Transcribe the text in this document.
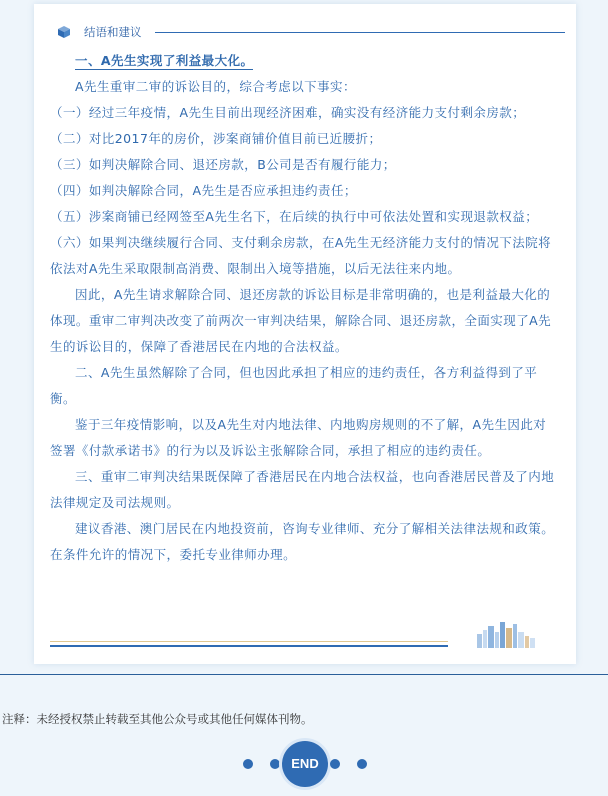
结语和建议

一、A先生实现了利益最大化。

A先生重审二审的诉讼目的，综合考虑以下事实：

（一）经过三年疫情，A先生目前出现经济困难，确实没有经济能力支付剩余房款；

（二）对比2017年的房价，涉案商铺价值目前已近腰折；

（三）如判决解除合同、退还房款，B公司是否有履行能力；

（四）如判决解除合同，A先生是否应承担违约责任；

（五）涉案商铺已经网签至A先生名下，在后续的执行中可依法处置和实现退款权益；

（六）如果判决继续履行合同、支付剩余房款，在A先生无经济能力支付的情况下法院将依法对A先生采取限制高消费、限制出入境等措施，以后无法往来内地。

因此，A先生请求解除合同、退还房款的诉讼目标是非常明确的，也是利益最大化的体现。重审二审判决改变了前两次一审判决结果，解除合同、退还房款，全面实现了A先生的诉讼目的，保障了香港居民在内地的合法权益。

二、A先生虽然解除了合同，但也因此承担了相应的违约责任，各方利益得到了平衡。

鉴于三年疫情影响，以及A先生对内地法律、内地购房规则的不了解，A先生因此对签署《付款承诺书》的行为以及诉讼主张解除合同，承担了相应的违约责任。

三、重审二审判决结果既保障了香港居民在内地合法权益，也向香港居民普及了内地法律规定及司法规则。

建议香港、澳门居民在内地投资前，咨询专业律师、充分了解相关法律法规和政策。在条件允许的情况下，委托专业律师办理。

注释：未经授权禁止转载至其他公众号或其他任何媒体刊物。
END
